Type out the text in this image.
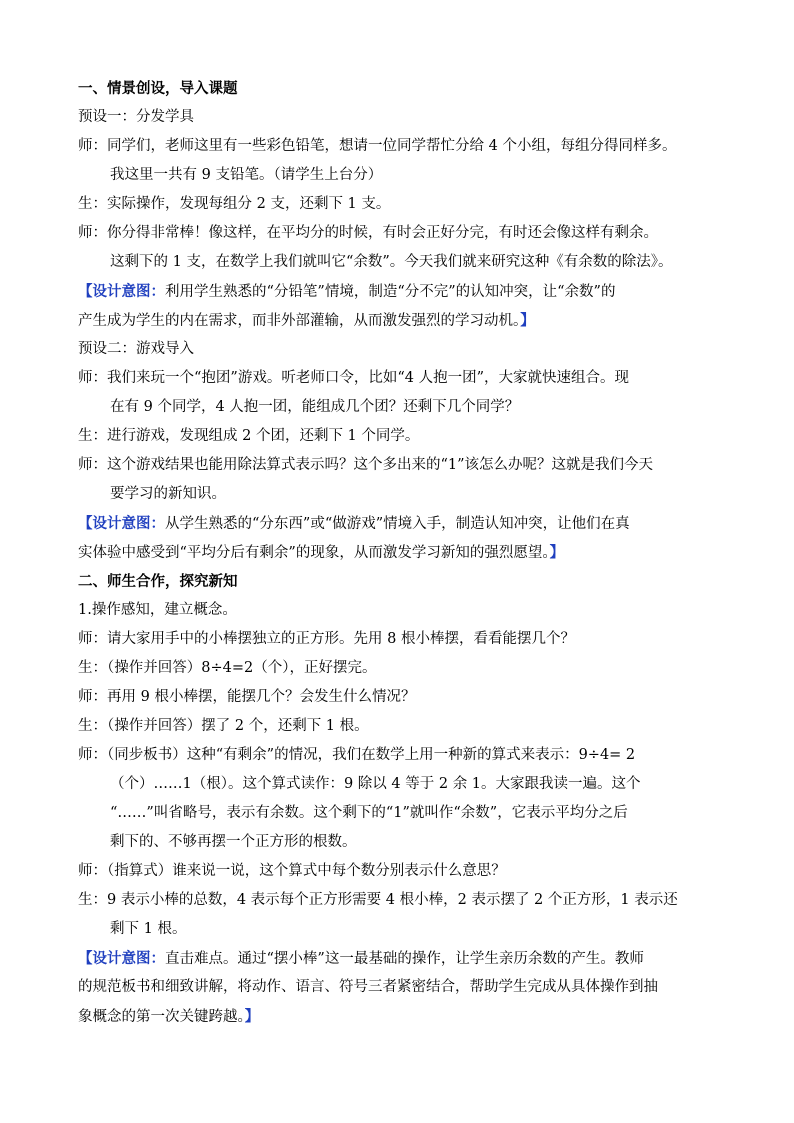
一、情景创设，导入课题
预设一：分发学具
师：同学们，老师这里有一些彩色铅笔，想请一位同学帮忙分给 4 个小组，每组分得同样多。
我这里一共有 9 支铅笔。（请学生上台分）
生：实际操作，发现每组分 2 支，还剩下 1 支。
师：你分得非常棒！像这样，在平均分的时候，有时会正好分完，有时还会像这样有剩余。
这剩下的 1 支，在数学上我们就叫它“余数”。今天我们就来研究这种《有余数的除法》。
【设计意图：利用学生熟悉的“分铅笔”情境，制造“分不完”的认知冲突，让“余数”的
产生成为学生的内在需求，而非外部灌输，从而激发强烈的学习动机。】
预设二：游戏导入
师：我们来玩一个“抱团”游戏。听老师口令，比如“4 人抱一团”，大家就快速组合。现
在有 9 个同学，4 人抱一团，能组成几个团？还剩下几个同学？
生：进行游戏，发现组成 2 个团，还剩下 1 个同学。
师：这个游戏结果也能用除法算式表示吗？这个多出来的“1”该怎么办呢？这就是我们今天
要学习的新知识。
【设计意图：从学生熟悉的“分东西”或“做游戏”情境入手，制造认知冲突，让他们在真
实体验中感受到“平均分后有剩余”的现象，从而激发学习新知的强烈愿望。】
二、师生合作，探究新知
1.操作感知，建立概念。
师：请大家用手中的小棒摆独立的正方形。先用 8 根小棒摆，看看能摆几个？
生：（操作并回答）8÷4=2（个），正好摆完。
师：再用 9 根小棒摆，能摆几个？会发生什么情况？
生：（操作并回答）摆了 2 个，还剩下 1 根。
师：（同步板书）这种“有剩余”的情况，我们在数学上用一种新的算式来表示：9÷4= 2
（个）……1（根）。这个算式读作：9 除以 4 等于 2 余 1。大家跟我读一遍。这个
“……”叫省略号，表示有余数。这个剩下的“1”就叫作“余数”，它表示平均分之后
剩下的、不够再摆一个正方形的根数。
师：（指算式）谁来说一说，这个算式中每个数分别表示什么意思？
生：9 表示小棒的总数，4 表示每个正方形需要 4 根小棒，2 表示摆了 2 个正方形，1 表示还
剩下 1 根。
【设计意图：直击难点。通过“摆小棒”这一最基础的操作，让学生亲历余数的产生。教师
的规范板书和细致讲解，将动作、语言、符号三者紧密结合，帮助学生完成从具体操作到抽
象概念的第一次关键跨越。】
